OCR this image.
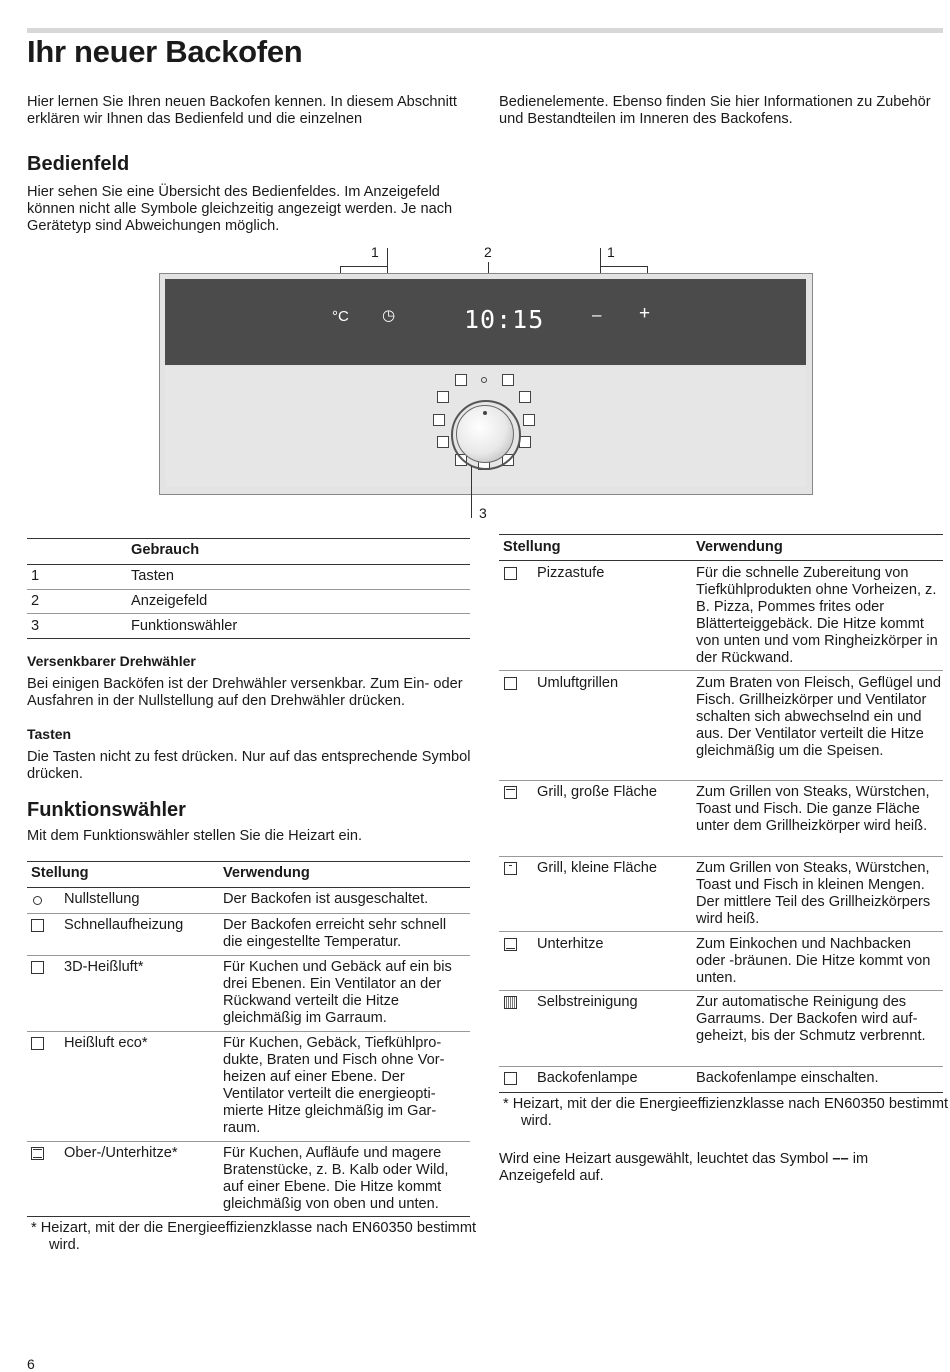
Ihr neuer Backofen

Hier lernen Sie Ihren neuen Backofen kennen. In diesem Abschnitt erklären wir Ihnen das Bedienfeld und die einzelnen

Bedienelemente. Ebenso finden Sie hier Informationen zu Zubehör und Bestandteilen im Inneren des Backofens.

Bedienfeld

Hier sehen Sie eine Übersicht des Bedienfeldes. Im Anzeigefeld können nicht alle Symbole gleichzeitig angezeigt werden. Je nach Gerätetyp sind Abweichungen möglich.

1	2	1
°C ◷	10:15	– +
3
Gebrauch
1	Tasten
2	Anzeigefeld
3	Funktionswähler
Versenkbarer Drehwähler

Bei einigen Backöfen ist der Drehwähler versenkbar. Zum Ein- oder Ausfahren in der Nullstellung auf den Drehwähler drücken.

Tasten

Die Tasten nicht zu fest drücken. Nur auf das entsprechende Symbol drücken.

Funktionswähler

Mit dem Funktionswähler stellen Sie die Heizart ein.

Stellung	Verwendung
Nullstellung	Der Backofen ist ausgeschaltet.
Schnellaufheizung	Der Backofen erreicht sehr schnell die eingestellte Temperatur.
3D-Heißluft*	Für Kuchen und Gebäck auf ein bis drei Ebenen. Ein Ventilator an der Rückwand verteilt die Hitze gleichmäßig im Garraum.
Heißluft eco*	Für Kuchen, Gebäck, Tiefkühlprodukte, Braten und Fisch ohne Vorheizen auf einer Ebene. Der Ventilator verteilt die energieoptimierte Hitze gleichmäßig im Garraum.
Ober-/Unterhitze*	Für Kuchen, Aufläufe und magere Bratenstücke, z. B. Kalb oder Wild, auf einer Ebene. Die Hitze kommt gleichmäßig von oben und unten.
* Heizart, mit der die Energieeffizienzklasse nach EN60350 bestimmt wird.
Stellung	Verwendung
Pizzastufe	Für die schnelle Zubereitung von Tiefkühlprodukten ohne Vorheizen, z. B. Pizza, Pommes frites oder Blätterteiggebäck. Die Hitze kommt von unten und vom Ringheizkörper in der Rückwand.
Umluftgrillen	Zum Braten von Fleisch, Geflügel und Fisch. Grillheizkörper und Ventilator schalten sich abwechselnd ein und aus. Der Ventilator verteilt die Hitze gleichmäßig um die Speisen.
Grill, große Fläche	Zum Grillen von Steaks, Würstchen, Toast und Fisch. Die ganze Fläche unter dem Grillheizkörper wird heiß.
Grill, kleine Fläche	Zum Grillen von Steaks, Würstchen, Toast und Fisch in kleinen Mengen. Der mittlere Teil des Grillheizkörpers wird heiß.
Unterhitze	Zum Einkochen und Nachbacken oder -bräunen. Die Hitze kommt von unten.
Selbstreinigung	Zur automatische Reinigung des Garraums. Der Backofen wird aufgeheizt, bis der Schmutz verbrennt.
Backofenlampe	Backofenlampe einschalten.
* Heizart, mit der die Energieeffizienzklasse nach EN60350 bestimmt wird.

Wird eine Heizart ausgewählt, leuchtet das Symbol –– im Anzeigefeld auf.

6
